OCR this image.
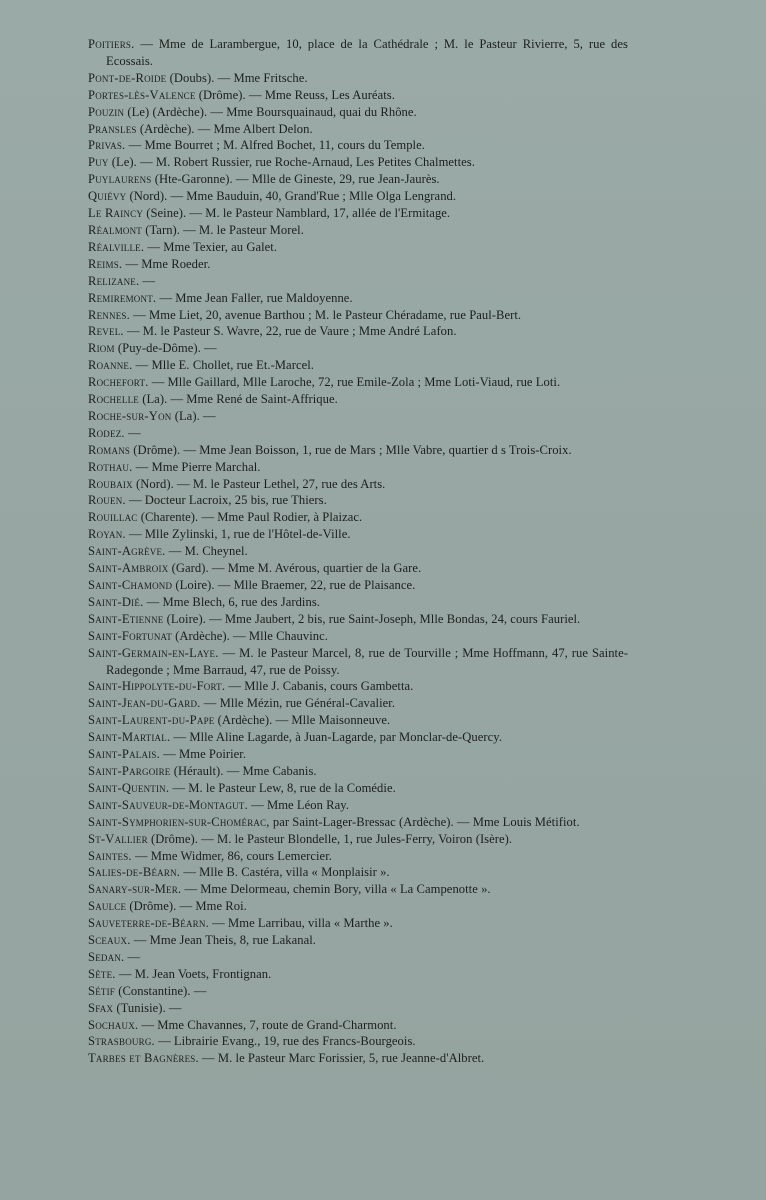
Poitiers. — Mme de Larambergue, 10, place de la Cathédrale ; M. le Pasteur Rivierre, 5, rue des Ecossais.
Pont-de-Roide (Doubs). — Mme Fritsche.
Portes-lès-Valence (Drôme). — Mme Reuss, Les Auréats.
Pouzin (Le) (Ardèche). — Mme Boursquainaud, quai du Rhône.
Pransles (Ardèche). — Mme Albert Delon.
Privas. — Mme Bourret ; M. Alfred Bochet, 11, cours du Temple.
Puy (Le). — M. Robert Russier, rue Roche-Arnaud, Les Petites Chalmettes.
Puylaurens (Hte-Garonne). — Mlle de Gineste, 29, rue Jean-Jaurès.
Quiévy (Nord). — Mme Bauduin, 40, Grand'Rue ; Mlle Olga Lengrand.
Le Raincy (Seine). — M. le Pasteur Namblard, 17, allée de l'Ermitage.
Réalmont (Tarn). — M. le Pasteur Morel.
Réalville. — Mme Texier, au Galet.
Reims. — Mme Roeder.
Relizane. —
Remiremont. — Mme Jean Faller, rue Maldoyenne.
Rennes. — Mme Liet, 20, avenue Barthou ; M. le Pasteur Chéradame, rue Paul-Bert.
Revel. — M. le Pasteur S. Wavre, 22, rue de Vaure ; Mme André Lafon.
Riom (Puy-de-Dôme). —
Roanne. — Mlle E. Chollet, rue Et.-Marcel.
Rochefort. — Mlle Gaillard, Mlle Laroche, 72, rue Emile-Zola ; Mme Loti-Viaud, rue Loti.
Rochelle (La). — Mme René de Saint-Affrique.
Roche-sur-Yon (La). —
Rodez. —
Romans (Drôme). — Mme Jean Boisson, 1, rue de Mars ; Mlle Vabre, quartier d s Trois-Croix.
Rothau. — Mme Pierre Marchal.
Roubaix (Nord). — M. le Pasteur Lethel, 27, rue des Arts.
Rouen. — Docteur Lacroix, 25 bis, rue Thiers.
Rouillac (Charente). — Mme Paul Rodier, à Plaizac.
Royan. — Mlle Zylinski, 1, rue de l'Hôtel-de-Ville.
Saint-Agrève. — M. Cheynel.
Saint-Ambroix (Gard). — Mme M. Avérous, quartier de la Gare.
Saint-Chamond (Loire). — Mlle Braemer, 22, rue de Plaisance.
Saint-Dié. — Mme Blech, 6, rue des Jardins.
Saint-Etienne (Loire). — Mme Jaubert, 2 bis, rue Saint-Joseph, Mlle Bondas, 24, cours Fauriel.
Saint-Fortunat (Ardèche). — Mlle Chauvinc.
Saint-Germain-en-Laye. — M. le Pasteur Marcel, 8, rue de Tourville ; Mme Hoffmann, 47, rue Sainte-Radegonde ; Mme Barraud, 47, rue de Poissy.
Saint-Hippolyte-du-Fort. — Mlle J. Cabanis, cours Gambetta.
Saint-Jean-du-Gard. — Mlle Mézin, rue Général-Cavalier.
Saint-Laurent-du-Pape (Ardèche). — Mlle Maisonneuve.
Saint-Martial. — Mlle Aline Lagarde, à Juan-Lagarde, par Monclar-de-Quercy.
Saint-Palais. — Mme Poirier.
Saint-Pargoire (Hérault). — Mme Cabanis.
Saint-Quentin. — M. le Pasteur Lew, 8, rue de la Comédie.
Saint-Sauveur-de-Montagut. — Mme Léon Ray.
Saint-Symphorien-sur-Chomérac, par Saint-Lager-Bressac (Ardèche). — Mme Louis Métifiot.
St-Vallier (Drôme). — M. le Pasteur Blondelle, 1, rue Jules-Ferry, Voiron (Isère).
Saintes. — Mme Widmer, 86, cours Lemercier.
Salies-de-Béarn. — Mlle B. Castéra, villa « Monplaisir ».
Sanary-sur-Mer. — Mme Delormeau, chemin Bory, villa « La Campenotte ».
Saulce (Drôme). — Mme Roi.
Sauveterre-de-Béarn. — Mme Larribau, villa « Marthe ».
Sceaux. — Mme Jean Theis, 8, rue Lakanal.
Sedan. —
Sète. — M. Jean Voets, Frontignan.
Sétif (Constantine). —
Sfax (Tunisie). —
Sochaux. — Mme Chavannes, 7, route de Grand-Charmont.
Strasbourg. — Librairie Evang., 19, rue des Francs-Bourgeois.
Tarbes et Bagnères. — M. le Pasteur Marc Forissier, 5, rue Jeanne-d'Albret.
